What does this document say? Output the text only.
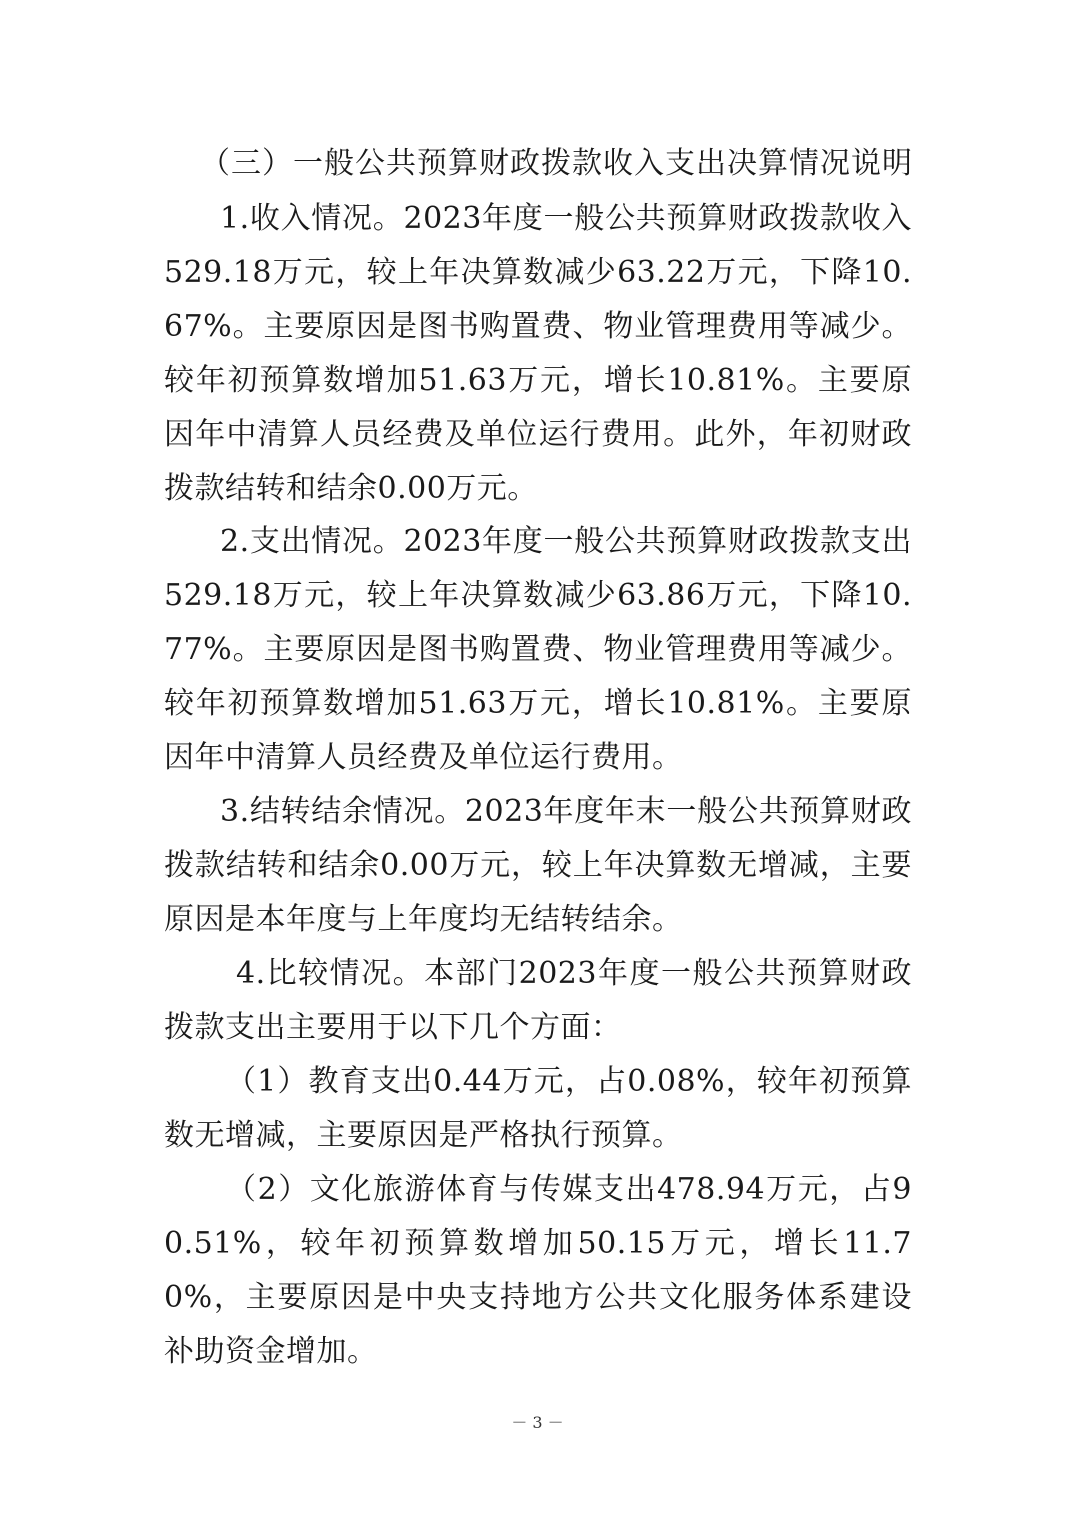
（三）一般公共预算财政拨款收入支出决算情况说明

1.收入情况。2023年度一般公共预算财政拨款收入529.18万元，较上年决算数减少63.22万元，下降10.67%。主要原因是图书购置费、物业管理费用等减少。较年初预算数增加51.63万元，增长10.81%。主要原因年中清算人员经费及单位运行费用。此外，年初财政拨款结转和结余0.00万元。

2.支出情况。2023年度一般公共预算财政拨款支出529.18万元，较上年决算数减少63.86万元，下降10.77%。主要原因是图书购置费、物业管理费用等减少。较年初预算数增加51.63万元，增长10.81%。主要原因年中清算人员经费及单位运行费用。

3.结转结余情况。2023年度年末一般公共预算财政拨款结转和结余0.00万元，较上年决算数无增减，主要原因是本年度与上年度均无结转结余。

4.比较情况。本部门2023年度一般公共预算财政拨款支出主要用于以下几个方面：

（1）教育支出0.44万元，占0.08%，较年初预算数无增减，主要原因是严格执行预算。

（2）文化旅游体育与传媒支出478.94万元，占90.51%，较年初预算数增加50.15万元，增长11.70%，主要原因是中央支持地方公共文化服务体系建设补助资金增加。

－ 3 －
